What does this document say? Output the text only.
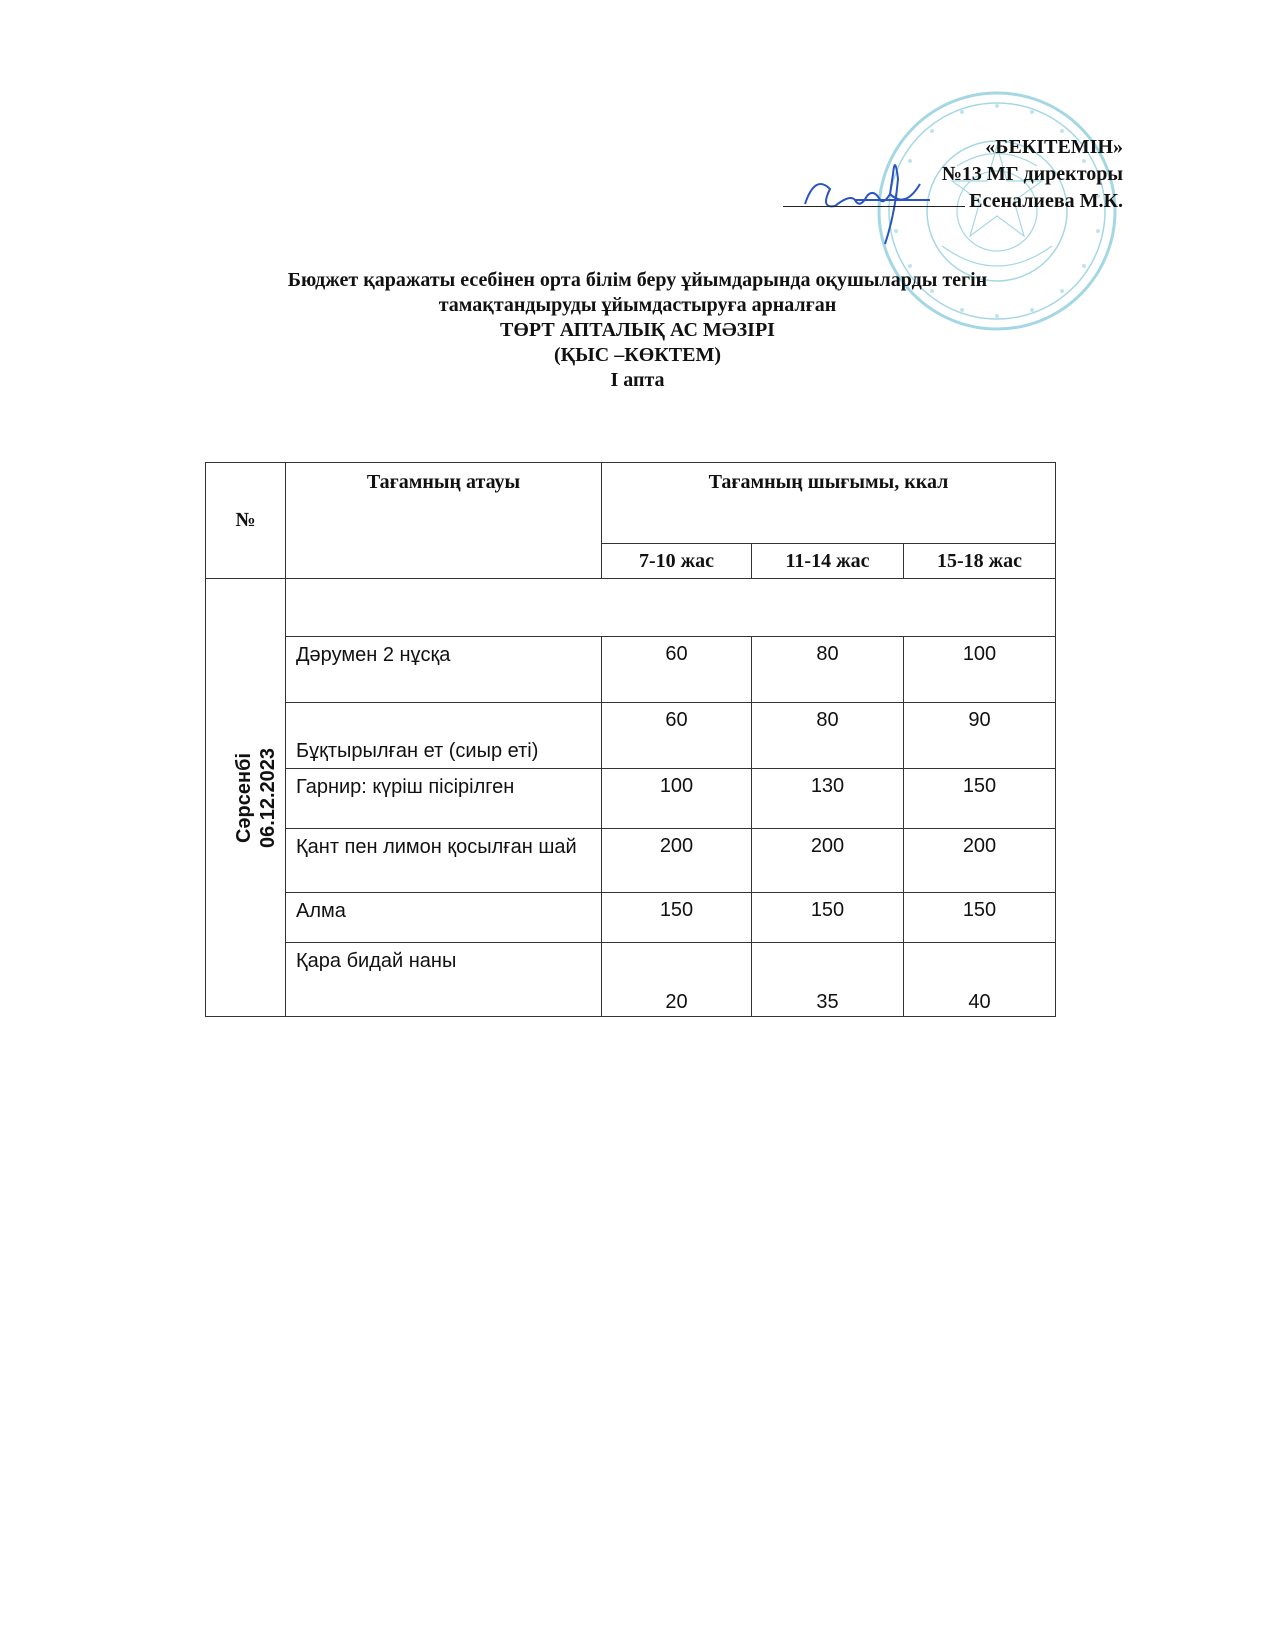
«БЕКІТЕМІН»
№13 МГ директоры
Есеналиева М.К.
Бюджет қаражаты есебінен орта білім беру ұйымдарында оқушыларды тегін
тамақтандыруды ұйымдастыруға арналған
ТӨРТ АПТАЛЫҚ АС МӘЗІРІ
(ҚЫС –КӨКТЕМ)
І апта
№	Тағамның атауы	Тағамның шығымы, ккал		
		7-10 жас	11-14 жас	15-18 жас

Сәрсенбі 06.12.2023				

	Дәрумен 2 нұсқа	60	80	100
	Бұқтырылған ет (сиыр еті)	60	80	90
	Гарнир: күріш пісірілген	100	130	150
	Қант пен лимон қосылған шай	200	200	200
	Алма	150	150	150
	Қара бидай наны	20	35	40
